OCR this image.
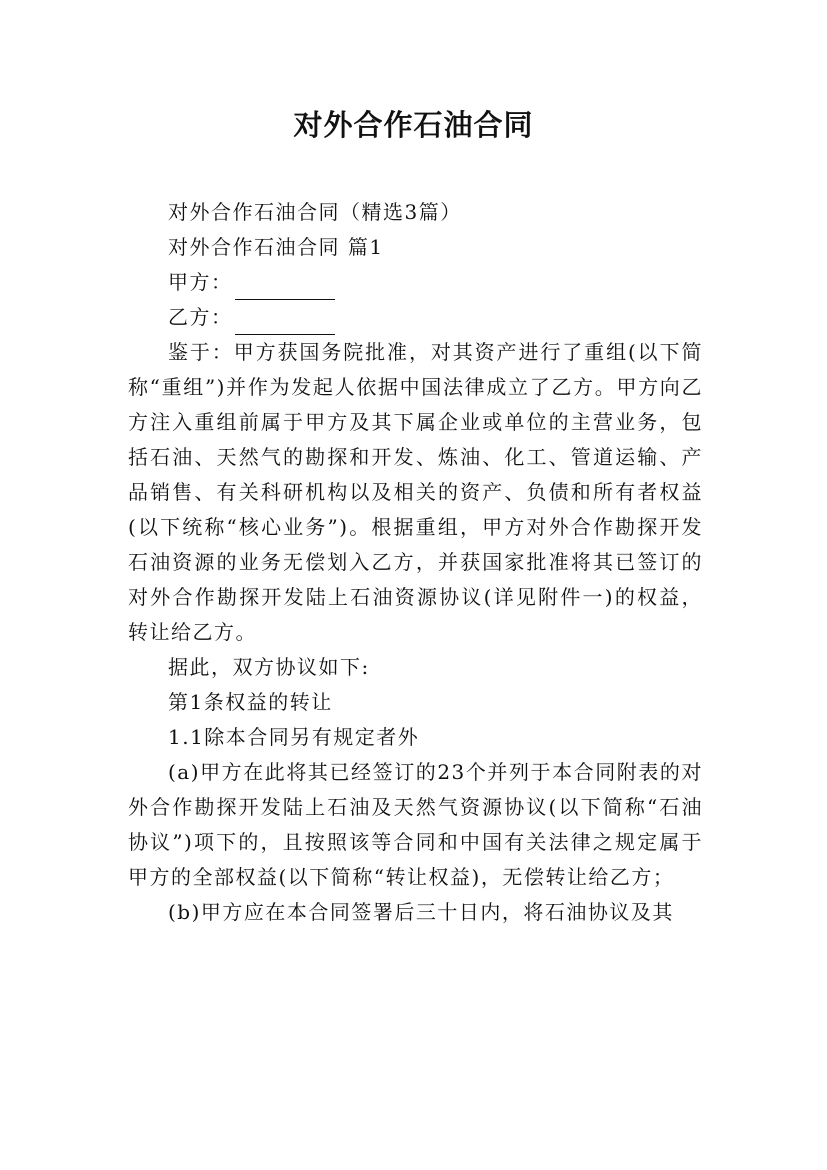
对外合作石油合同

对外合作石油合同（精选3篇）

对外合作石油合同 篇1

甲方：

乙方：

鉴于：甲方获国务院批准，对其资产进行了重组(以下简称“重组”)并作为发起人依据中国法律成立了乙方。甲方向乙方注入重组前属于甲方及其下属企业或单位的主营业务，包括石油、天然气的勘探和开发、炼油、化工、管道运输、产品销售、有关科研机构以及相关的资产、负债和所有者权益(以下统称“核心业务”)。根据重组，甲方对外合作勘探开发石油资源的业务无偿划入乙方，并获国家批准将其已签订的对外合作勘探开发陆上石油资源协议(详见附件一)的权益，转让给乙方。

据此，双方协议如下:

第1条权益的转让

1.1除本合同另有规定者外

(a)甲方在此将其已经签订的23个并列于本合同附表的对外合作勘探开发陆上石油及天然气资源协议(以下简称“石油协议”)项下的，且按照该等合同和中国有关法律之规定属于甲方的全部权益(以下简称“转让权益)，无偿转让给乙方；

(b)甲方应在本合同签署后三十日内，将石油协议及其
